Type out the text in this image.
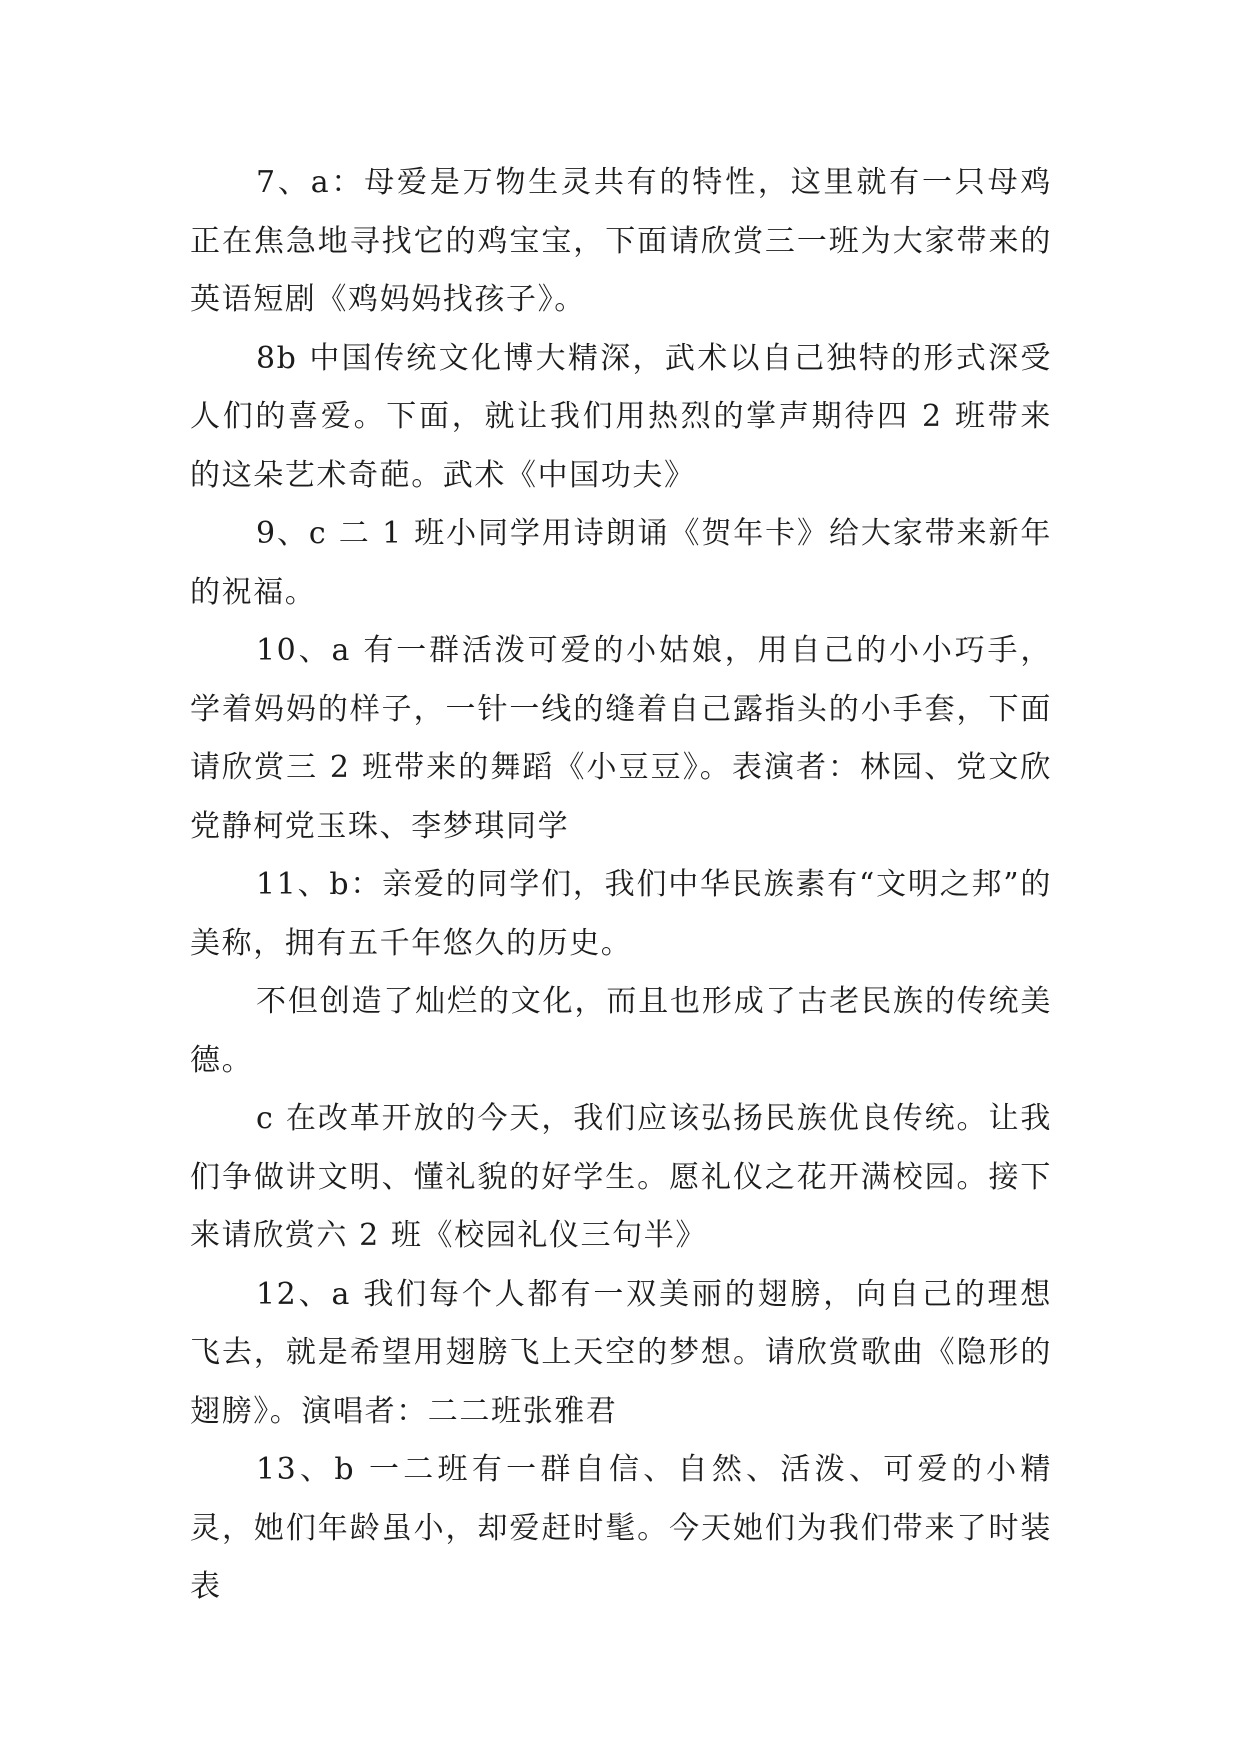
7、a：母爱是万物生灵共有的特性，这里就有一只母鸡正在焦急地寻找它的鸡宝宝，下面请欣赏三一班为大家带来的英语短剧《鸡妈妈找孩子》。

8b 中国传统文化博大精深，武术以自己独特的形式深受人们的喜爱。下面，就让我们用热烈的掌声期待四 2 班带来的这朵艺术奇葩。武术《中国功夫》

9、c 二 1 班小同学用诗朗诵《贺年卡》给大家带来新年的祝福。

10、a 有一群活泼可爱的小姑娘，用自己的小小巧手，学着妈妈的样子，一针一线的缝着自己露指头的小手套，下面请欣赏三 2 班带来的舞蹈《小豆豆》。表演者：林园、党文欣党静柯党玉珠、李梦琪同学

11、b：亲爱的同学们，我们中华民族素有“文明之邦”的美称，拥有五千年悠久的历史。

不但创造了灿烂的文化，而且也形成了古老民族的传统美德。

c 在改革开放的今天，我们应该弘扬民族优良传统。让我们争做讲文明、懂礼貌的好学生。愿礼仪之花开满校园。接下来请欣赏六 2 班《校园礼仪三句半》

12、a 我们每个人都有一双美丽的翅膀，向自己的理想飞去，就是希望用翅膀飞上天空的梦想。请欣赏歌曲《隐形的翅膀》。演唱者：二二班张雅君

13、b 一二班有一群自信、自然、活泼、可爱的小精灵，她们年龄虽小，却爱赶时髦。今天她们为我们带来了时装表
